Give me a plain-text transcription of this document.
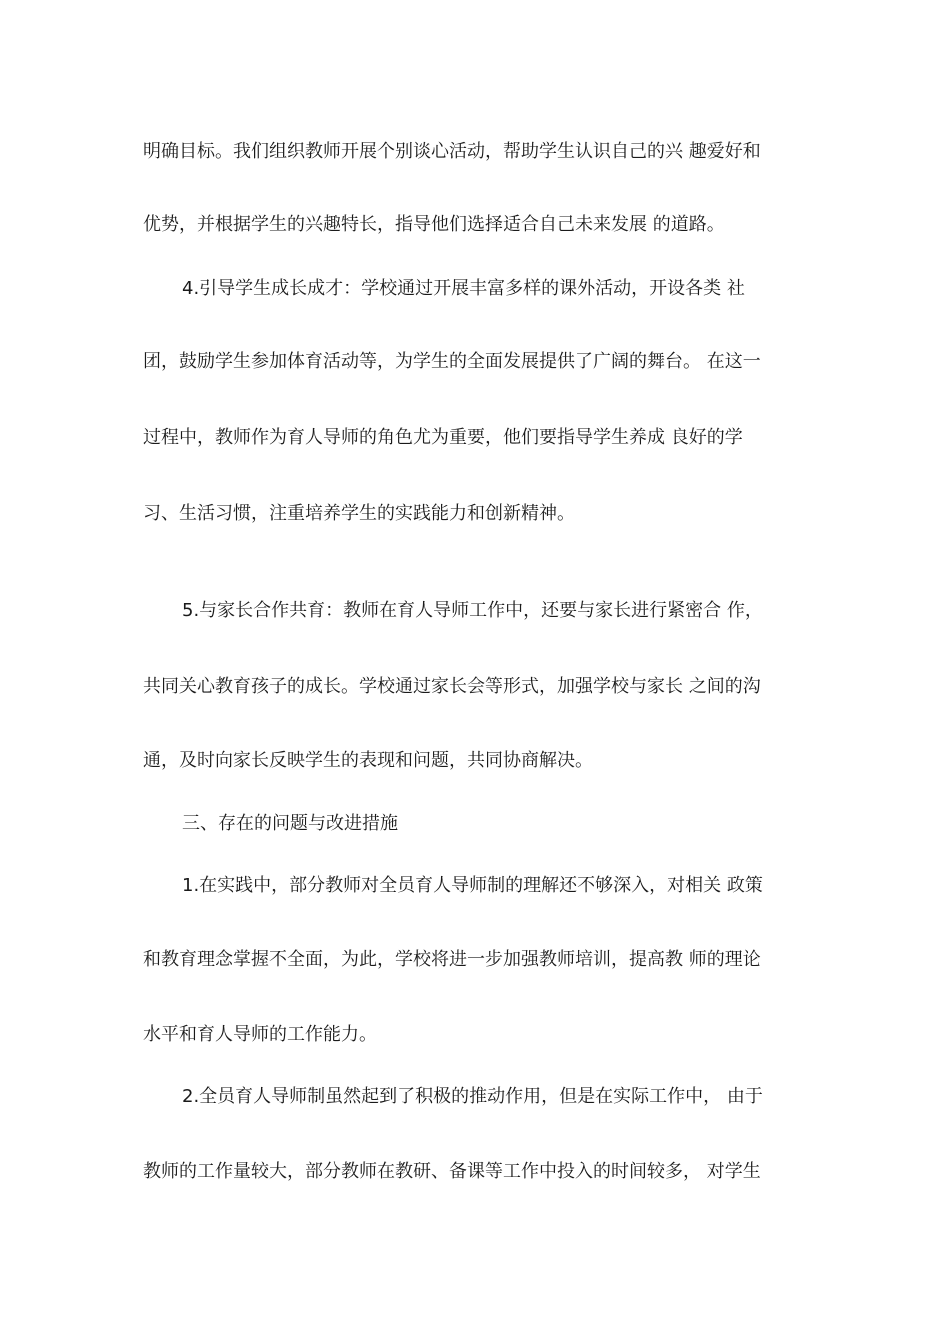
明确目标。我们组织教师开展个别谈心活动，帮助学生认识自己的兴 趣爱好和
优势，并根据学生的兴趣特长，指导他们选择适合自己未来发展 的道路。
4.引导学生成长成才：学校通过开展丰富多样的课外活动，开设各类 社
团，鼓励学生参加体育活动等，为学生的全面发展提供了广阔的舞台。 在这一
过程中，教师作为育人导师的角色尤为重要，他们要指导学生养成 良好的学
习、生活习惯，注重培养学生的实践能力和创新精神。
5.与家长合作共育：教师在育人导师工作中，还要与家长进行紧密合 作，
共同关心教育孩子的成长。学校通过家长会等形式，加强学校与家长 之间的沟
通，及时向家长反映学生的表现和问题，共同协商解决。
三、存在的问题与改进措施
1.在实践中，部分教师对全员育人导师制的理解还不够深入，对相关 政策
和教育理念掌握不全面，为此，学校将进一步加强教师培训，提高教 师的理论
水平和育人导师的工作能力。
2.全员育人导师制虽然起到了积极的推动作用，但是在实际工作中， 由于
教师的工作量较大，部分教师在教研、备课等工作中投入的时间较多， 对学生
